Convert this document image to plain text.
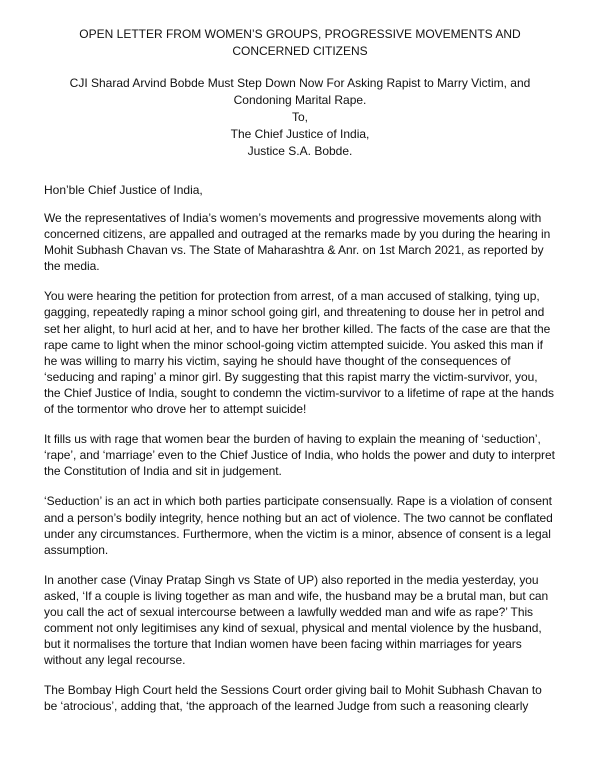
OPEN LETTER FROM WOMEN’S GROUPS, PROGRESSIVE MOVEMENTS AND CONCERNED CITIZENS

CJI Sharad Arvind Bobde Must Step Down Now For Asking Rapist to Marry Victim, and Condoning Marital Rape.

To,

The Chief Justice of India,

Justice S.A. Bobde.

Hon’ble Chief Justice of India,

We the representatives of India’s women’s movements and progressive movements along with concerned citizens, are appalled and outraged at the remarks made by you during the hearing in Mohit Subhash Chavan vs. The State of Maharashtra & Anr. on 1st March 2021, as reported by the media.

You were hearing the petition for protection from arrest, of a man accused of stalking, tying up, gagging, repeatedly raping a minor school going girl, and threatening to douse her in petrol and set her alight, to hurl acid at her, and to have her brother killed. The facts of the case are that the rape came to light when the minor school-going victim attempted suicide. You asked this man if he was willing to marry his victim, saying he should have thought of the consequences of ‘seducing and raping’ a minor girl. By suggesting that this rapist marry the victim-survivor, you, the Chief Justice of India, sought to condemn the victim-survivor to a lifetime of rape at the hands of the tormentor who drove her to attempt suicide!

It fills us with rage that women bear the burden of having to explain the meaning of ‘seduction’, ‘rape’, and ‘marriage’ even to the Chief Justice of India, who holds the power and duty to interpret the Constitution of India and sit in judgement.

‘Seduction’ is an act in which both parties participate consensually. Rape is a violation of consent and a person’s bodily integrity, hence nothing but an act of violence. The two cannot be conflated under any circumstances. Furthermore, when the victim is a minor, absence of consent is a legal assumption.

In another case (Vinay Pratap Singh vs State of UP) also reported in the media yesterday, you asked, ‘If a couple is living together as man and wife, the husband may be a brutal man, but can you call the act of sexual intercourse between a lawfully wedded man and wife as rape?’ This comment not only legitimises any kind of sexual, physical and mental violence by the husband, but it normalises the torture that Indian women have been facing within marriages for years without any legal recourse.

The Bombay High Court held the Sessions Court order giving bail to Mohit Subhash Chavan to be ‘atrocious’, adding that, ‘the approach of the learned Judge from such a reasoning clearly
